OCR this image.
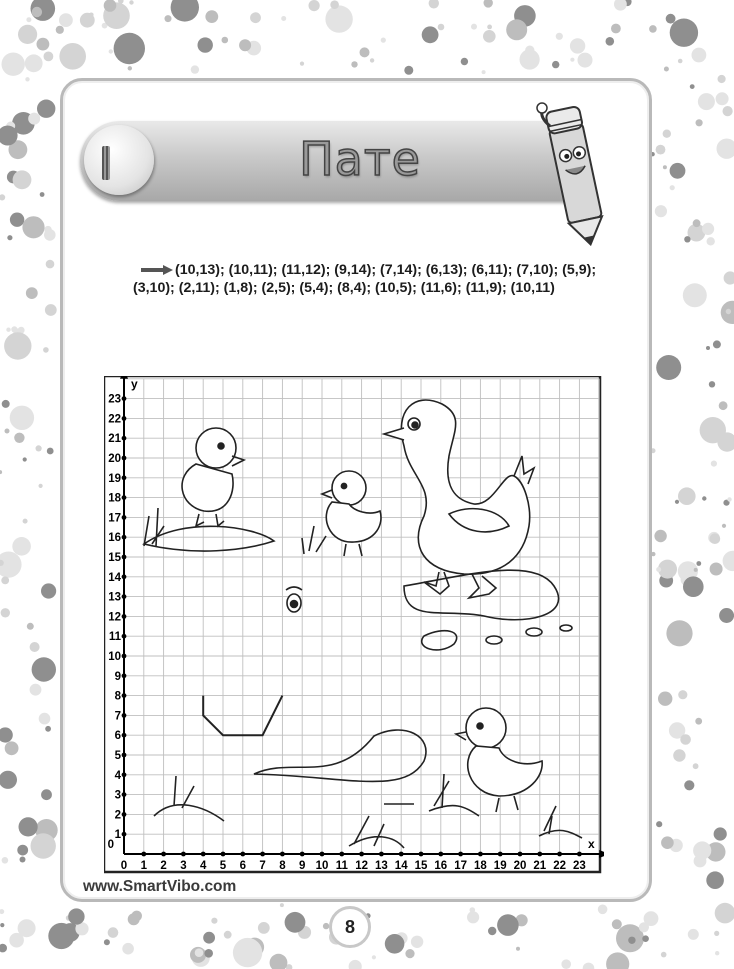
Пате
(10,13); (10,11); (11,12); (9,14); (7,14); (6,13); (6,11); (7,10); (5,9); (3,10); (2,11); (1,8); (2,5); (5,4); (8,4); (10,5); (11,6); (11,9); (10,11)
0 1
1
2
2
3
3
4
4
5
5
6
6
7
7
8
8
9
9
10
10
11
11
12
12
13
13
14
14
15
15
16
16
17
17
18
18
19
19
20
20
21
21
22
22
23
23
0	x
y
www.SmartVibo.com
8
